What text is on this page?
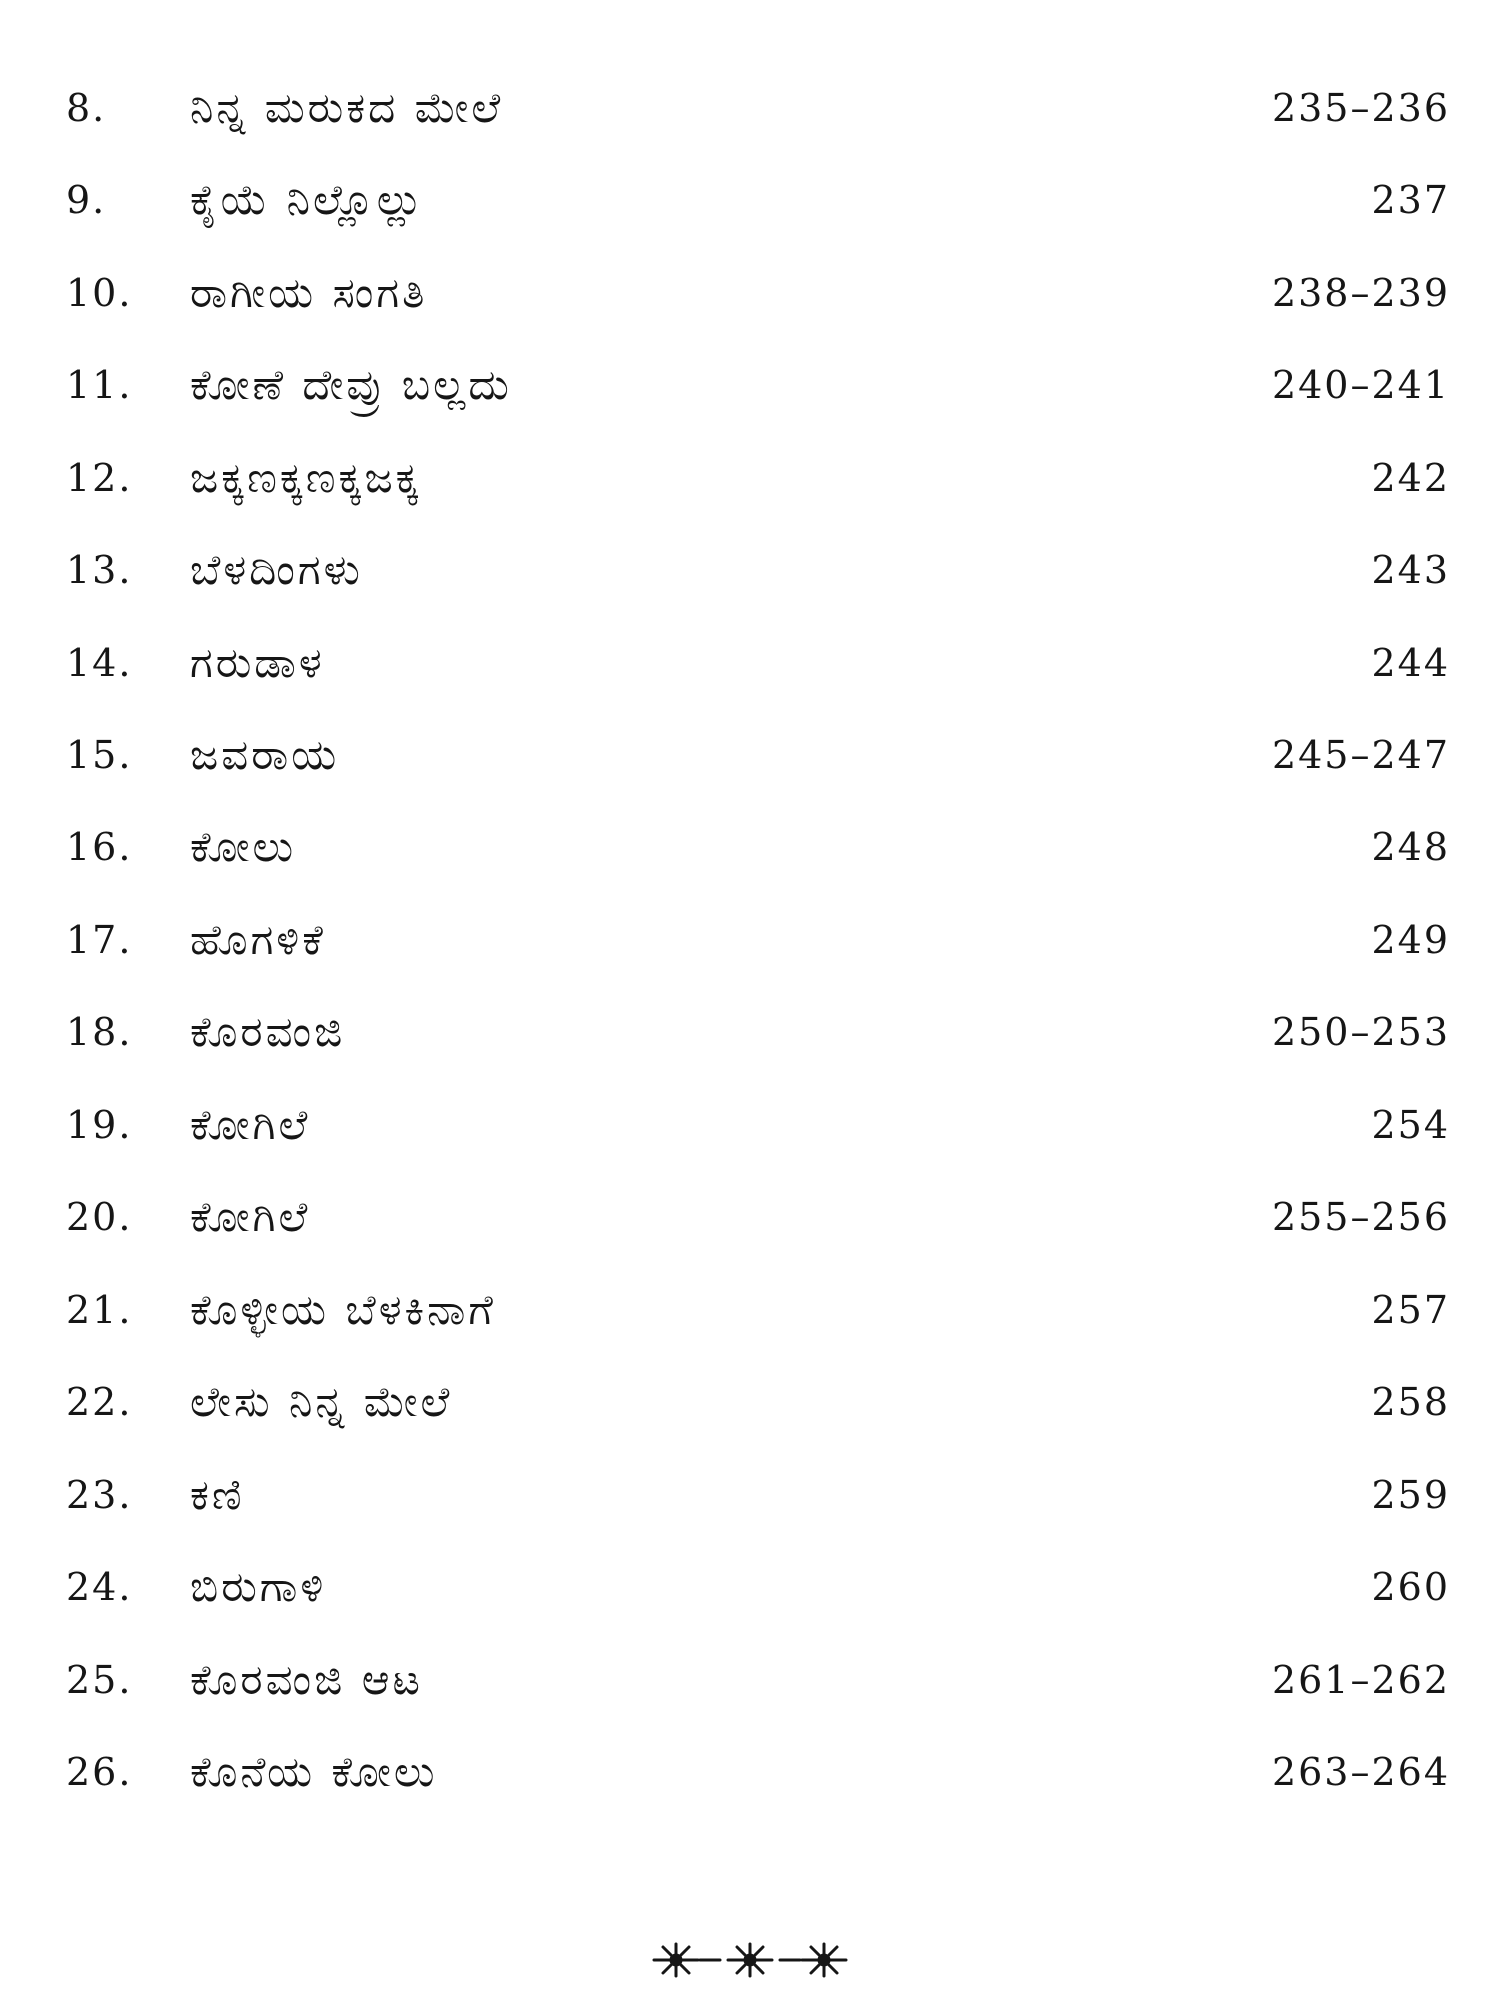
8. ನಿನ್ನ ಮರುಕದ ಮೇಲೆ	235–236
9. ಕೈಯೆ ನಿಲ್ಲೊಲ್ಲು	237
10. ರಾಗೀಯ ಸಂಗತಿ	238–239
11. ಕೋಣೆ ದೇವ್ರು ಬಲ್ಲದು	240–241
12. ಜಕ್ಕಣಕ್ಕಣಕ್ಕಜಕ್ಕ	242
13. ಬೆಳದಿಂಗಳು	243
14. ಗರುಡಾಳ	244
15. ಜವರಾಯ	245–247
16. ಕೋಲು	248
17. ಹೊಗಳಿಕೆ	249
18. ಕೊರವಂಜಿ	250–253
19. ಕೋಗಿಲೆ	254
20. ಕೋಗಿಲೆ	255–256
21. ಕೊಳ್ಳೀಯ ಬೆಳಕಿನಾಗೆ	257
22. ಲೇಸು ನಿನ್ನ ಮೇಲೆ	258
23. ಕಣಿ	259
24. ಬಿರುಗಾಳಿ	260
25. ಕೊರವಂಜಿ ಆಟ	261–262
26. ಕೊನೆಯ ಕೋಲು	263–264
